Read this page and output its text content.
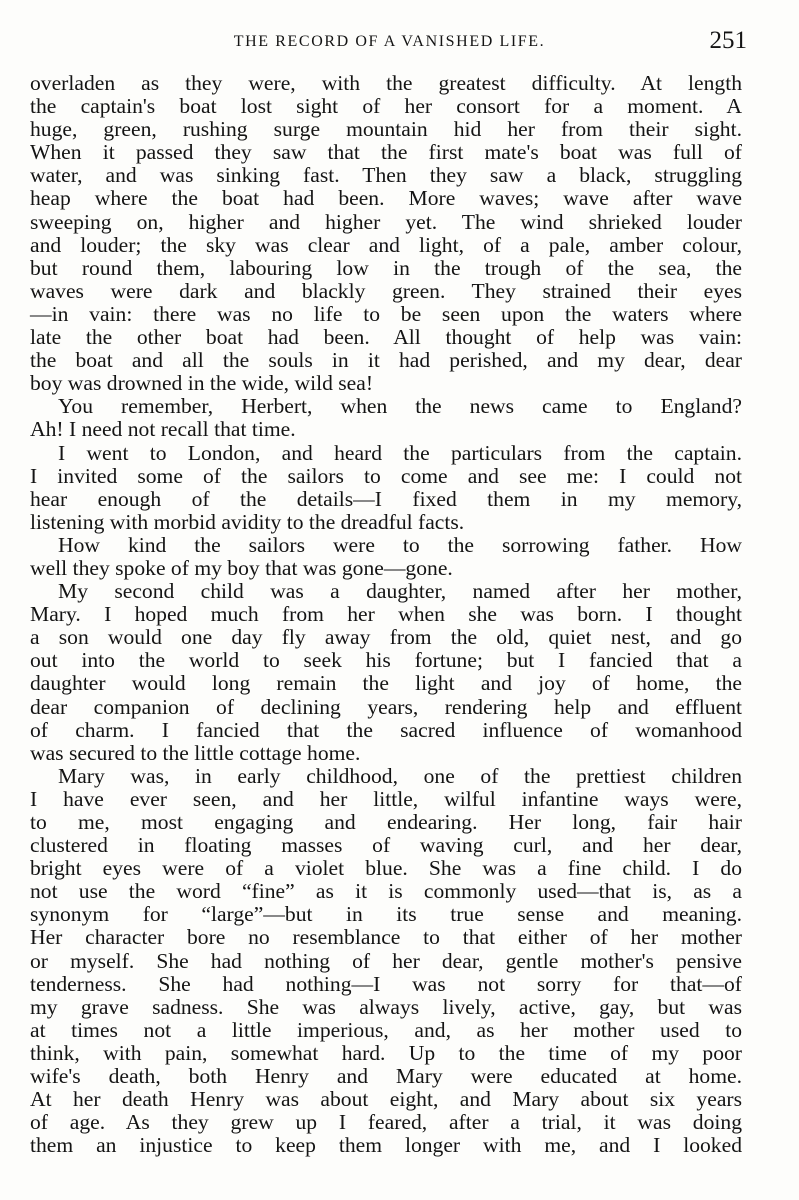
THE RECORD OF A VANISHED LIFE.	251
overladen as they were, with the greatest difficulty. At length
the captain's boat lost sight of her consort for a moment. A
huge, green, rushing surge mountain hid her from their sight.
When it passed they saw that the first mate's boat was full of
water, and was sinking fast. Then they saw a black, struggling
heap where the boat had been. More waves; wave after wave
sweeping on, higher and higher yet. The wind shrieked louder
and louder; the sky was clear and light, of a pale, amber colour,
but round them, labouring low in the trough of the sea, the
waves were dark and blackly green. They strained their eyes
—in vain: there was no life to be seen upon the waters where
late the other boat had been. All thought of help was vain:
the boat and all the souls in it had perished, and my dear, dear
boy was drowned in the wide, wild sea!
You remember, Herbert, when the news came to England?
Ah! I need not recall that time.
I went to London, and heard the particulars from the captain.
I invited some of the sailors to come and see me: I could not
hear enough of the details—I fixed them in my memory,
listening with morbid avidity to the dreadful facts.
How kind the sailors were to the sorrowing father. How
well they spoke of my boy that was gone—gone.
My second child was a daughter, named after her mother,
Mary. I hoped much from her when she was born. I thought
a son would one day fly away from the old, quiet nest, and go
out into the world to seek his fortune; but I fancied that a
daughter would long remain the light and joy of home, the
dear companion of declining years, rendering help and effluent
of charm. I fancied that the sacred influence of womanhood
was secured to the little cottage home.
Mary was, in early childhood, one of the prettiest children
I have ever seen, and her little, wilful infantine ways were,
to me, most engaging and endearing. Her long, fair hair
clustered in floating masses of waving curl, and her dear,
bright eyes were of a violet blue. She was a fine child. I do
not use the word “fine” as it is commonly used—that is, as a
synonym for “large”—but in its true sense and meaning.
Her character bore no resemblance to that either of her mother
or myself. She had nothing of her dear, gentle mother's pensive
tenderness. She had nothing—I was not sorry for that—of
my grave sadness. She was always lively, active, gay, but was
at times not a little imperious, and, as her mother used to
think, with pain, somewhat hard. Up to the time of my poor
wife's death, both Henry and Mary were educated at home.
At her death Henry was about eight, and Mary about six years
of age. As they grew up I feared, after a trial, it was doing
them an injustice to keep them longer with me, and I looked
